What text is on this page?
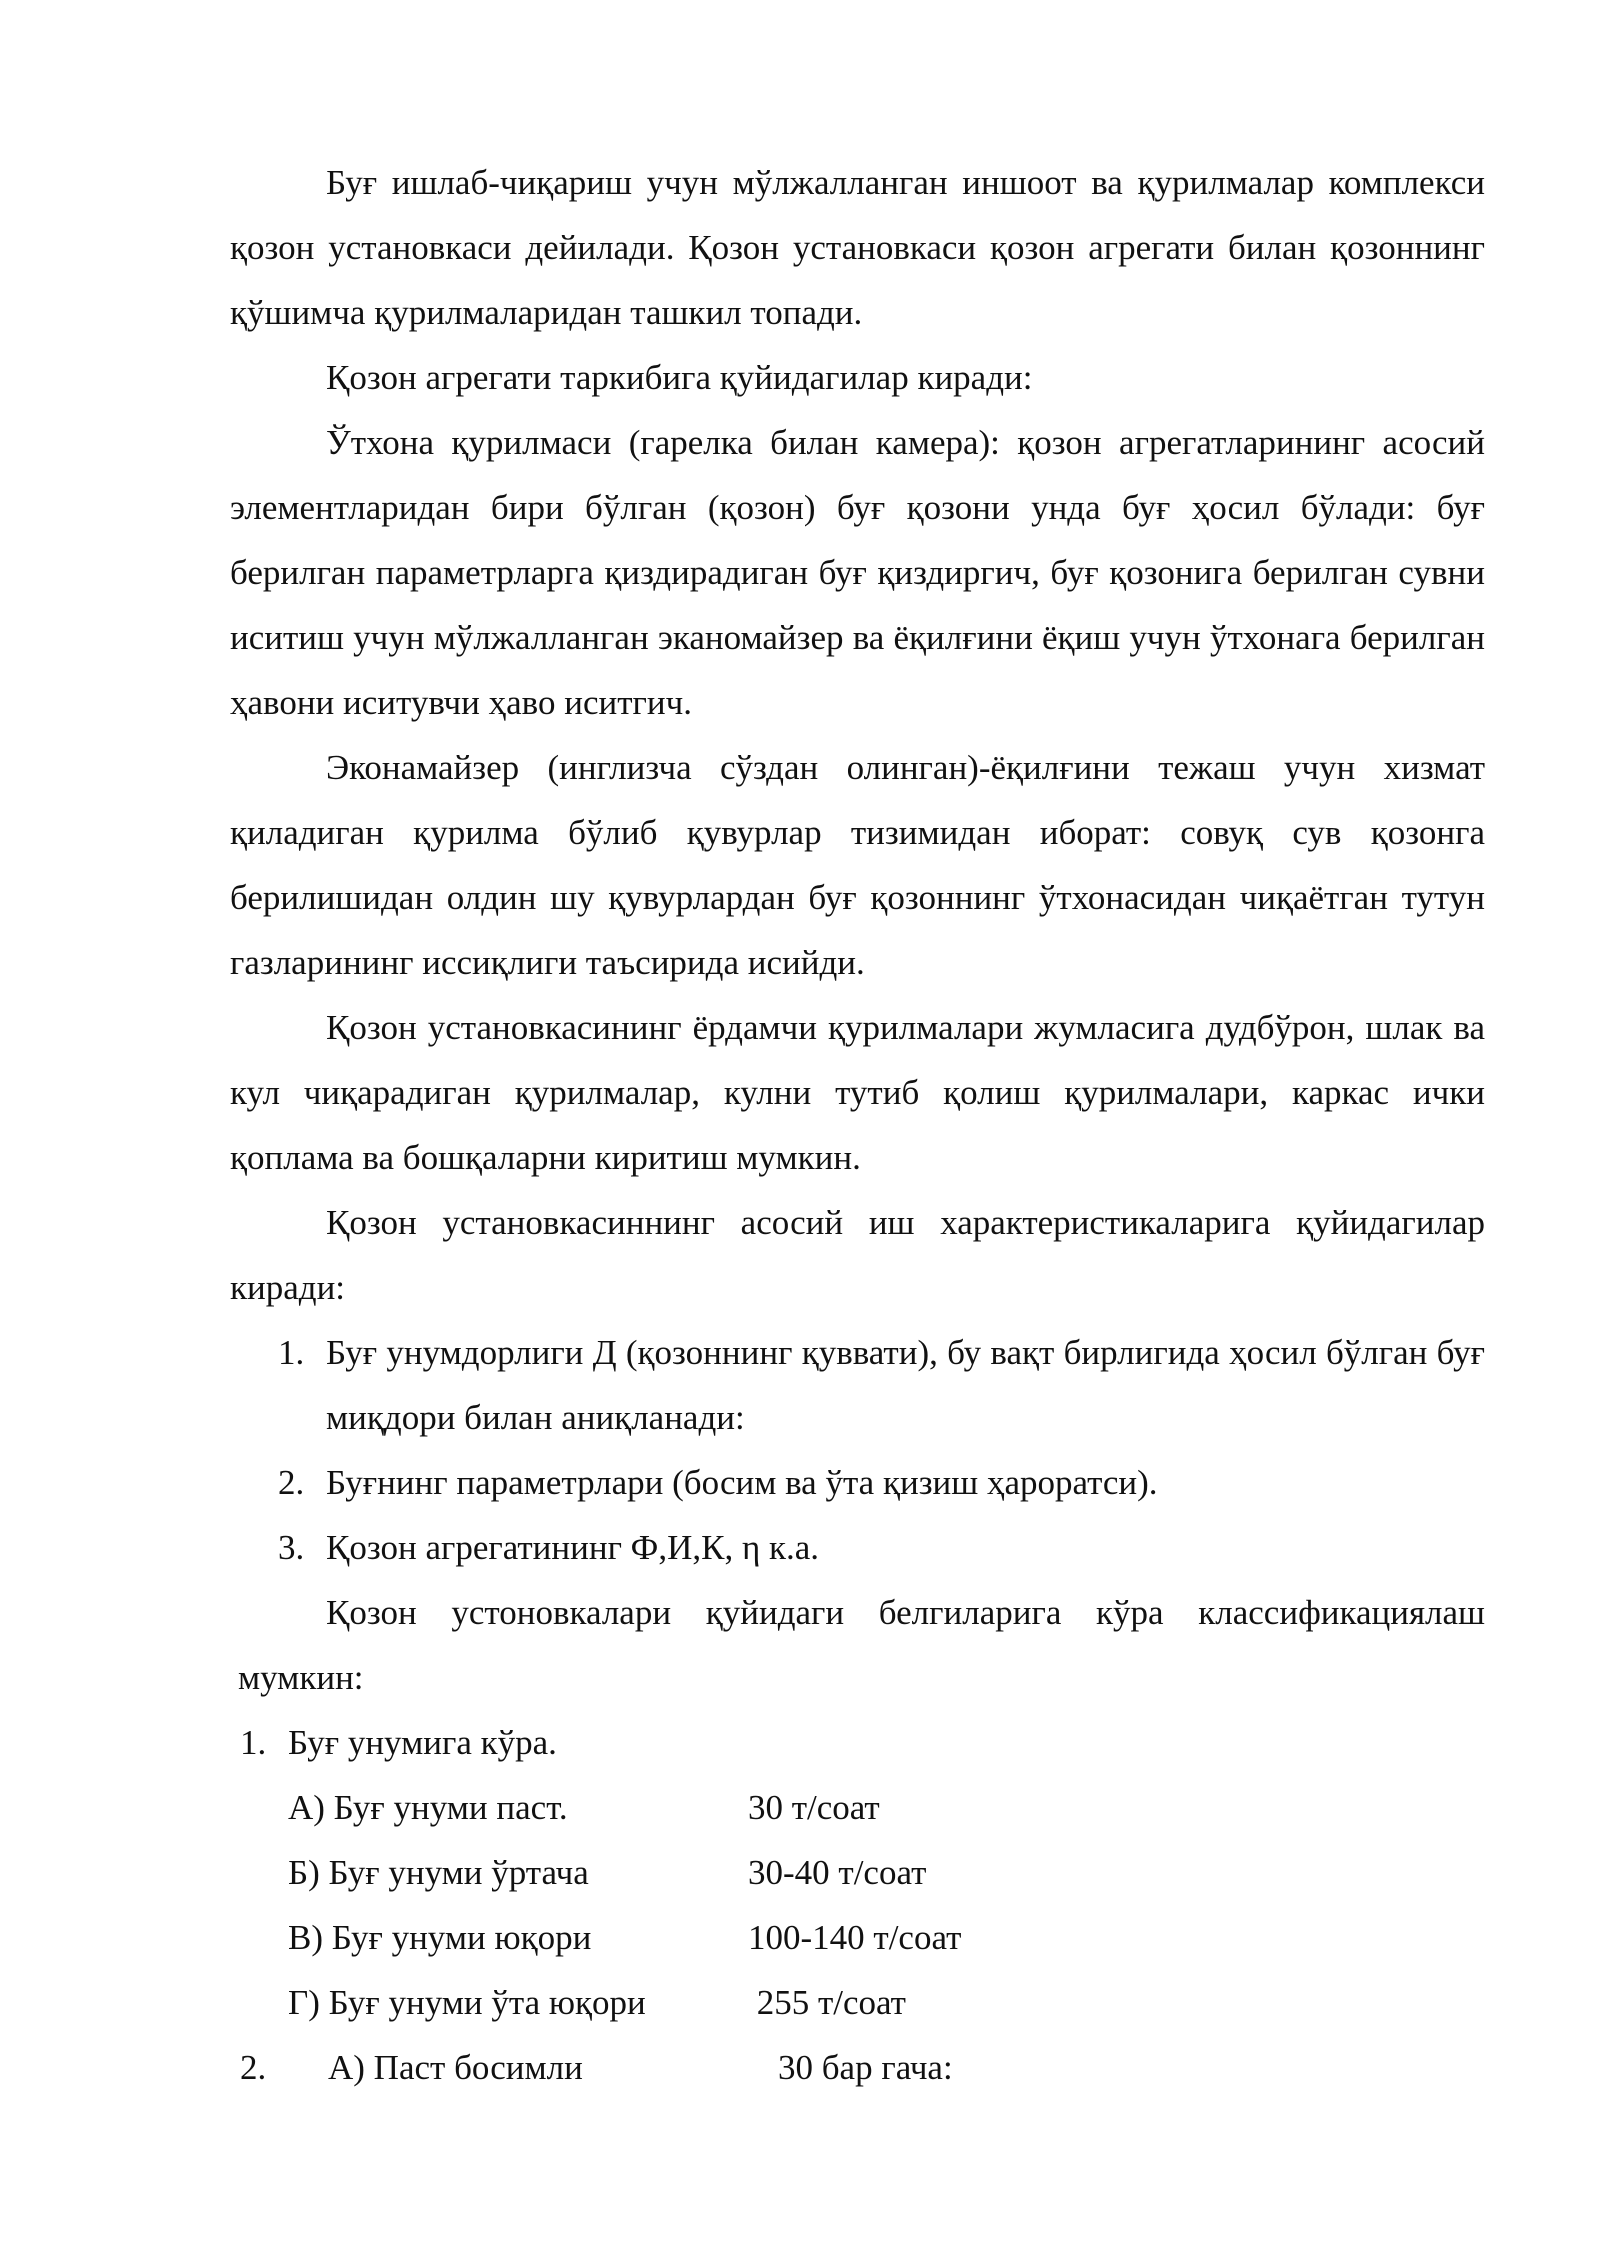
Буғ ишлаб-чиқариш учун мўлжалланган иншоот ва қурилмалар комплекси қозон установкаси дейилади. Қозон установкаси қозон агрегати билан қозоннинг қўшимча қурилмаларидан ташкил топади.

Қозон агрегати таркибига қуйидагилар киради:

Ўтхона қурилмаси (гарелка билан камера): қозон агрегатларининг асосий элементларидан бири бўлган (қозон) буғ қозони унда буғ ҳосил бўлади: буғ берилган параметрларга қиздирадиган буғ қиздиргич, буғ қозонига берилган сувни иситиш учун мўлжалланган эканомайзер ва ёқилғини ёқиш учун ўтхонага берилган ҳавони иситувчи ҳаво иситгич.

Эконамайзер (инглизча сўздан олинган)-ёқилғини тежаш учун хизмат қиладиган қурилма бўлиб қувурлар тизимидан иборат: совуқ сув қозонга берилишидан олдин шу қувурлардан буғ қозоннинг ўтхонасидан чиқаётган тутун газларининг иссиқлиги таъсирида исийди.

Қозон установкасининг ёрдамчи қурилмалари жумласига дудбўрон, шлак ва кул чиқарадиган қурилмалар, кулни тутиб қолиш қурилмалари, каркас ички қоплама ва бошқаларни киритиш мумкин.

Қозон установкасиннинг асосий иш характеристикаларига қуйидагилар киради:

1. Буғ унумдорлиги Д (қозоннинг қуввати), бу вақт бирлигида ҳосил бўлган буғ миқдори билан аниқланади:
2. Буғнинг параметрлари (босим ва ўта қизиш ҳароратси).
3. Қозон агрегатининг Ф,И,К, η к.а.

Қозон устоновкалари қуйидаги белгиларига кўра классификациялаш

мумкин:

1. Буғ унумига кўра.
А) Буғ унуми паст.	30 т/соат
Б) Буғ унуми ўртача	30-40 т/соат
В) Буғ унуми юқори	100-140 т/соат
Г) Буғ унуми ўта юқори	255 т/соат
2.	А) Паст босимли	30 бар гача:
